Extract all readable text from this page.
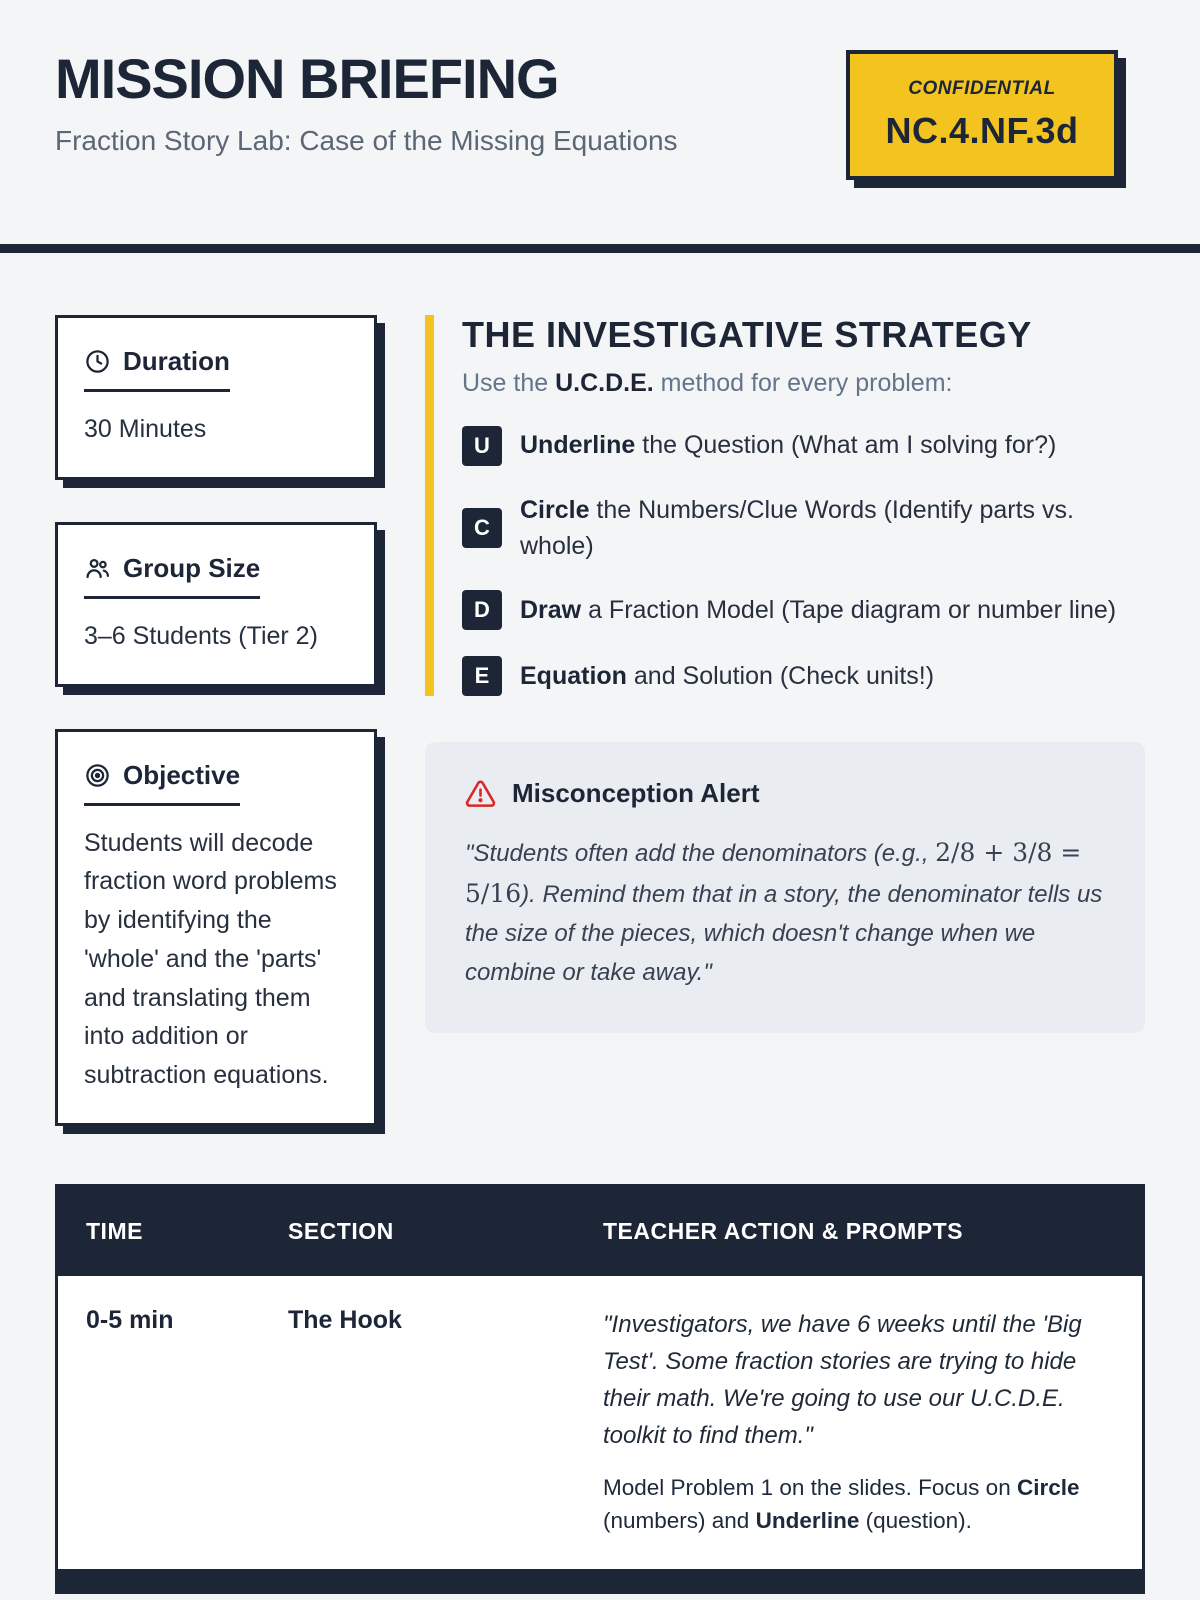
MISSION BRIEFING

Fraction Story Lab: Case of the Missing Equations

CONFIDENTIAL
NC.4.NF.3d
Duration
30 Minutes
Group Size
3–6 Students (Tier 2)
Objective
Students will decode fraction word problems by identifying the 'whole' and the 'parts' and translating them into addition or subtraction equations.
THE INVESTIGATIVE STRATEGY

Use the U.C.D.E. method for every problem:

U	Underline the Question (What am I solving for?)
C
Circle the Numbers/Clue Words (Identify parts vs. whole)
D	Draw a Fraction Model (Tape diagram or number line)
E	Equation and Solution (Check units!)
Misconception Alert

"Students often add the denominators (e.g., 2/8 + 3/8 = 5/16). Remind them that in a story, the denominator tells us the size of the pieces, which doesn't change when we combine or take away."

TIME	SECTION	TEACHER ACTION & PROMPTS
0-5 min	The Hook	"Investigators, we have 6 weeks until the 'Big Test'. Some fraction stories are trying to hide their math. We're going to use our U.C.D.E. toolkit to find them."

Model Problem 1 on the slides. Focus on Circle (numbers) and Underline (question).
